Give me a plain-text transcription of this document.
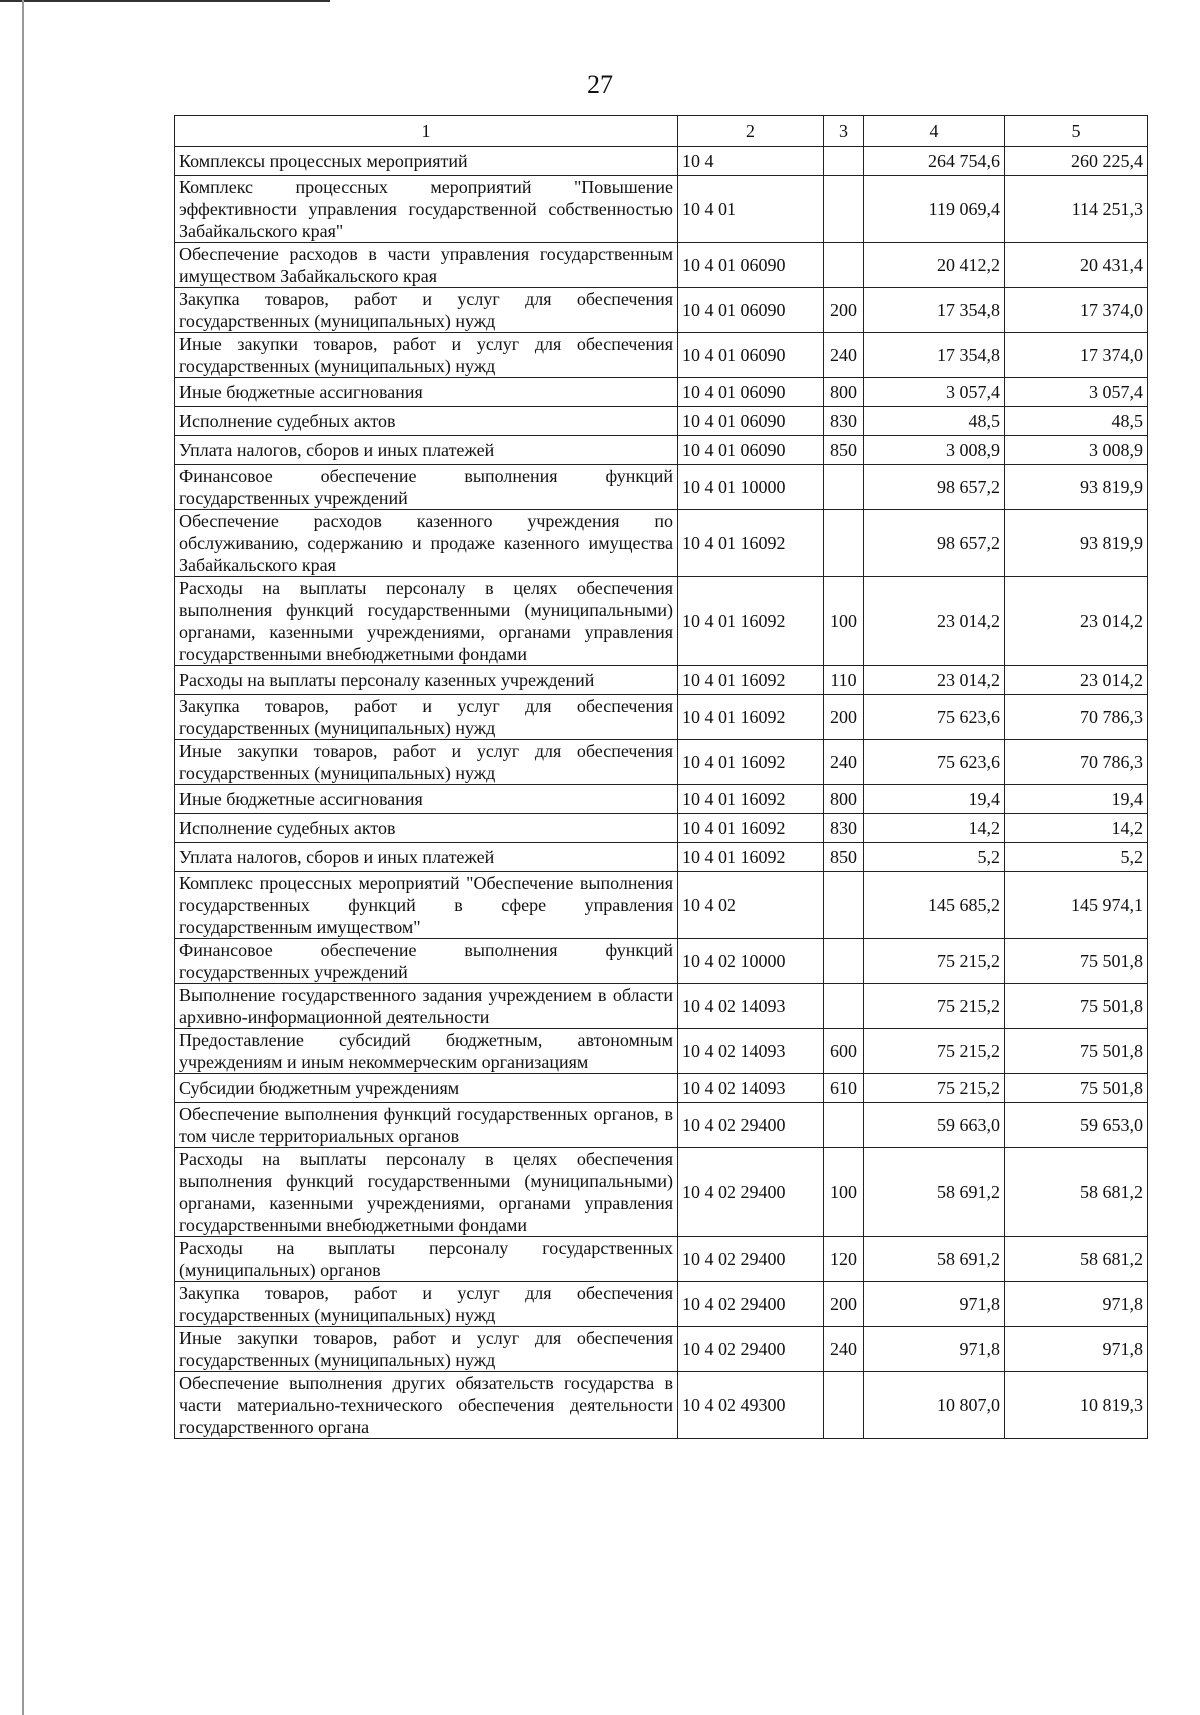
27
1	2	3	4	5
Комплексы процессных мероприятий	10 4		264 754,6	260 225,4
Комплекс процессных мероприятий "Повышение эффективности управления государственной собственностью Забайкальского края"	10 4 01		119 069,4	114 251,3
Обеспечение расходов в части управления государственным имуществом Забайкальского края	10 4 01 06090		20 412,2	20 431,4
Закупка товаров, работ и услуг для обеспечения государственных (муниципальных) нужд	10 4 01 06090	200	17 354,8	17 374,0
Иные закупки товаров, работ и услуг для обеспечения государственных (муниципальных) нужд	10 4 01 06090	240	17 354,8	17 374,0
Иные бюджетные ассигнования	10 4 01 06090	800	3 057,4	3 057,4
Исполнение судебных актов	10 4 01 06090	830	48,5	48,5
Уплата налогов, сборов и иных платежей	10 4 01 06090	850	3 008,9	3 008,9
Финансовое обеспечение выполнения функций государственных учреждений	10 4 01 10000		98 657,2	93 819,9
Обеспечение расходов казенного учреждения по обслуживанию, содержанию и продаже казенного имущества Забайкальского края	10 4 01 16092		98 657,2	93 819,9
Расходы на выплаты персоналу в целях обеспечения выполнения функций государственными (муниципальными) органами, казенными учреждениями, органами управления государственными внебюджетными фондами	10 4 01 16092	100	23 014,2	23 014,2
Расходы на выплаты персоналу казенных учреждений	10 4 01 16092	110	23 014,2	23 014,2
Закупка товаров, работ и услуг для обеспечения государственных (муниципальных) нужд	10 4 01 16092	200	75 623,6	70 786,3
Иные закупки товаров, работ и услуг для обеспечения государственных (муниципальных) нужд	10 4 01 16092	240	75 623,6	70 786,3
Иные бюджетные ассигнования	10 4 01 16092	800	19,4	19,4
Исполнение судебных актов	10 4 01 16092	830	14,2	14,2
Уплата налогов, сборов и иных платежей	10 4 01 16092	850	5,2	5,2
Комплекс процессных мероприятий "Обеспечение выполнения государственных функций в сфере управления государственным имуществом"	10 4 02		145 685,2	145 974,1
Финансовое обеспечение выполнения функций государственных учреждений	10 4 02 10000		75 215,2	75 501,8
Выполнение государственного задания учреждением в области архивно-информационной деятельности	10 4 02 14093		75 215,2	75 501,8
Предоставление субсидий бюджетным, автономным учреждениям и иным некоммерческим организациям	10 4 02 14093	600	75 215,2	75 501,8
Субсидии бюджетным учреждениям	10 4 02 14093	610	75 215,2	75 501,8
Обеспечение выполнения функций государственных органов, в том числе территориальных органов	10 4 02 29400		59 663,0	59 653,0
Расходы на выплаты персоналу в целях обеспечения выполнения функций государственными (муниципальными) органами, казенными учреждениями, органами управления государственными внебюджетными фондами	10 4 02 29400	100	58 691,2	58 681,2
Расходы на выплаты персоналу государственных (муниципальных) органов	10 4 02 29400	120	58 691,2	58 681,2
Закупка товаров, работ и услуг для обеспечения государственных (муниципальных) нужд	10 4 02 29400	200	971,8	971,8
Иные закупки товаров, работ и услуг для обеспечения государственных (муниципальных) нужд	10 4 02 29400	240	971,8	971,8
Обеспечение выполнения других обязательств государства в части материально-технического обеспечения деятельности государственного органа	10 4 02 49300		10 807,0	10 819,3
